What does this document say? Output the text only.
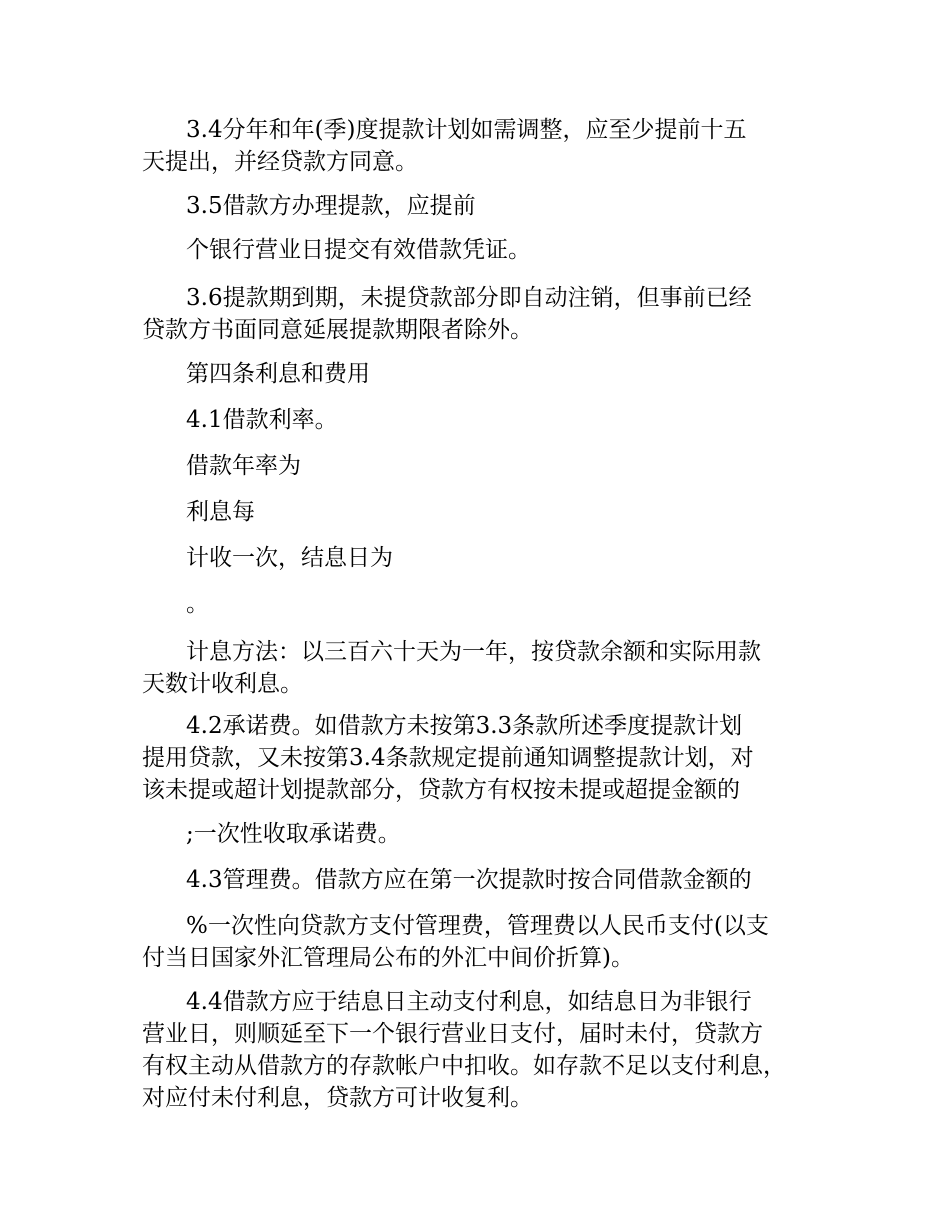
3.4分年和年(季)度提款计划如需调整，应至少提前十五
天提出，并经贷款方同意。
3.5借款方办理提款，应提前
个银行营业日提交有效借款凭证。
3.6提款期到期，未提贷款部分即自动注销，但事前已经
贷款方书面同意延展提款期限者除外。
第四条利息和费用
4.1借款利率。
借款年率为
利息每
计收一次，结息日为
。
计息方法：以三百六十天为一年，按贷款余额和实际用款
天数计收利息。
4.2承诺费。如借款方未按第3.3条款所述季度提款计划
提用贷款，又未按第3.4条款规定提前通知调整提款计划，对
该未提或超计划提款部分，贷款方有权按未提或超提金额的
;一次性收取承诺费。
4.3管理费。借款方应在第一次提款时按合同借款金额的
%一次性向贷款方支付管理费，管理费以人民币支付(以支
付当日国家外汇管理局公布的外汇中间价折算)。
4.4借款方应于结息日主动支付利息，如结息日为非银行
营业日，则顺延至下一个银行营业日支付，届时未付，贷款方
有权主动从借款方的存款帐户中扣收。如存款不足以支付利息，
对应付未付利息，贷款方可计收复利。
